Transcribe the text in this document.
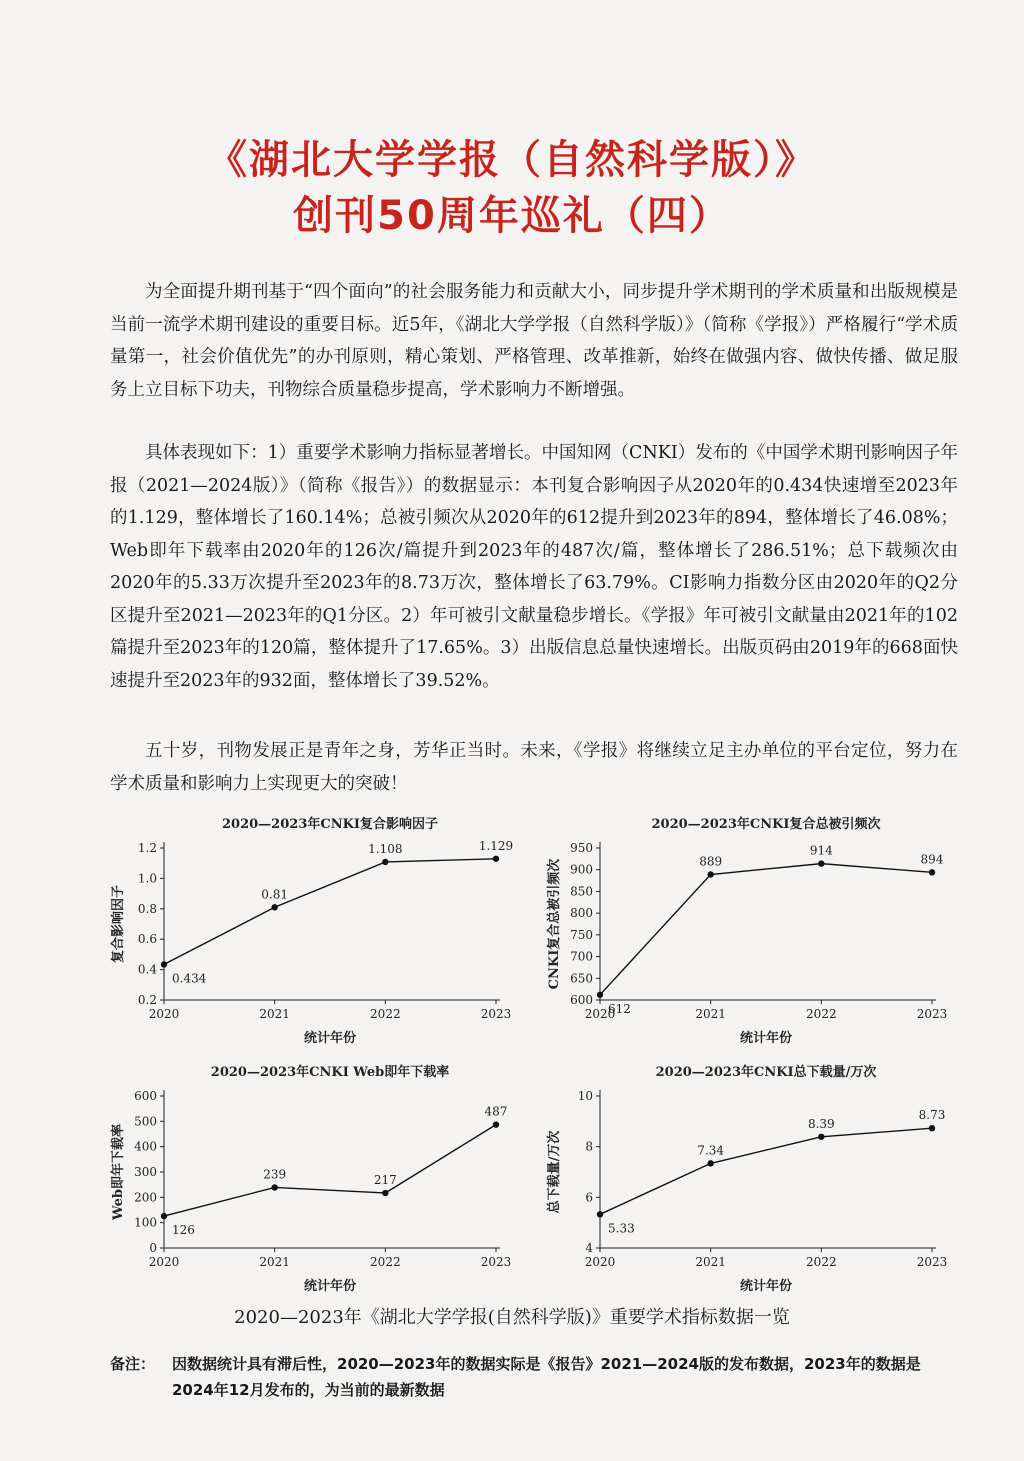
《湖北大学学报（自然科学版）》
创刊50周年巡礼（四）

为全面提升期刊基于“四个面向”的社会服务能力和贡献大小，同步提升学术期刊的学术质量和出版规模是当前一流学术期刊建设的重要目标。近5年，《湖北大学学报（自然科学版）》（简称《学报》）严格履行“学术质量第一，社会价值优先”的办刊原则，精心策划、严格管理、改革推新，始终在做强内容、做快传播、做足服务上立目标下功夫，刊物综合质量稳步提高，学术影响力不断增强。

具体表现如下：1）重要学术影响力指标显著增长。中国知网（CNKI）发布的《中国学术期刊影响因子年报（2021—2024版）》（简称《报告》）的数据显示：本刊复合影响因子从2020年的0.434快速增至2023年的1.129，整体增长了160.14%；总被引频次从2020年的612提升到2023年的894，整体增长了46.08%；Web即年下载率由2020年的126次/篇提升到2023年的487次/篇，整体增长了286.51%；总下载频次由2020年的5.33万次提升至2023年的8.73万次，整体增长了63.79%。CI影响力指数分区由2020年的Q2分区提升至2021—2023年的Q1分区。2）年可被引文献量稳步增长。《学报》年可被引文献量由2021年的102篇提升至2023年的120篇，整体提升了17.65%。3）出版信息总量快速增长。出版页码由2019年的668面快速提升至2023年的932面，整体增长了39.52%。

五十岁，刊物发展正是青年之身，芳华正当时。未来，《学报》将继续立足主办单位的平台定位，努力在学术质量和影响力上实现更大的突破！

2020—2023年CNKI复合影响因子
0.2
0.4
0.6
0.8
1.0
1.2
2020	2021	2022	2023
统计年份
复合影响因子
0.434
0.81
1.108	1.129
2020—2023年CNKI复合总被引频次
600
650
700
750
800
850
900
950
2020	2021	2022	2023
统计年份
CNKI复合总被引频次
612
889
914
894
2020—2023年CNKI Web即年下载率
0
100
200
300
400
500
600
2020	2021	2022	2023
统计年份
Web即年下载率
126
239	217
487
2020—2023年CNKI总下载量/万次
4
6
8
10
2020	2021	2022	2023
统计年份
总下载量/万次
5.33
7.34
8.39
8.73

2020—2023年《湖北大学学报(自然科学版)》重要学术指标数据一览

备注： 因数据统计具有滞后性，2020—2023年的数据实际是《报告》2021—2024版的发布数据，2023年的数据是2024年12月发布的，为当前的最新数据
